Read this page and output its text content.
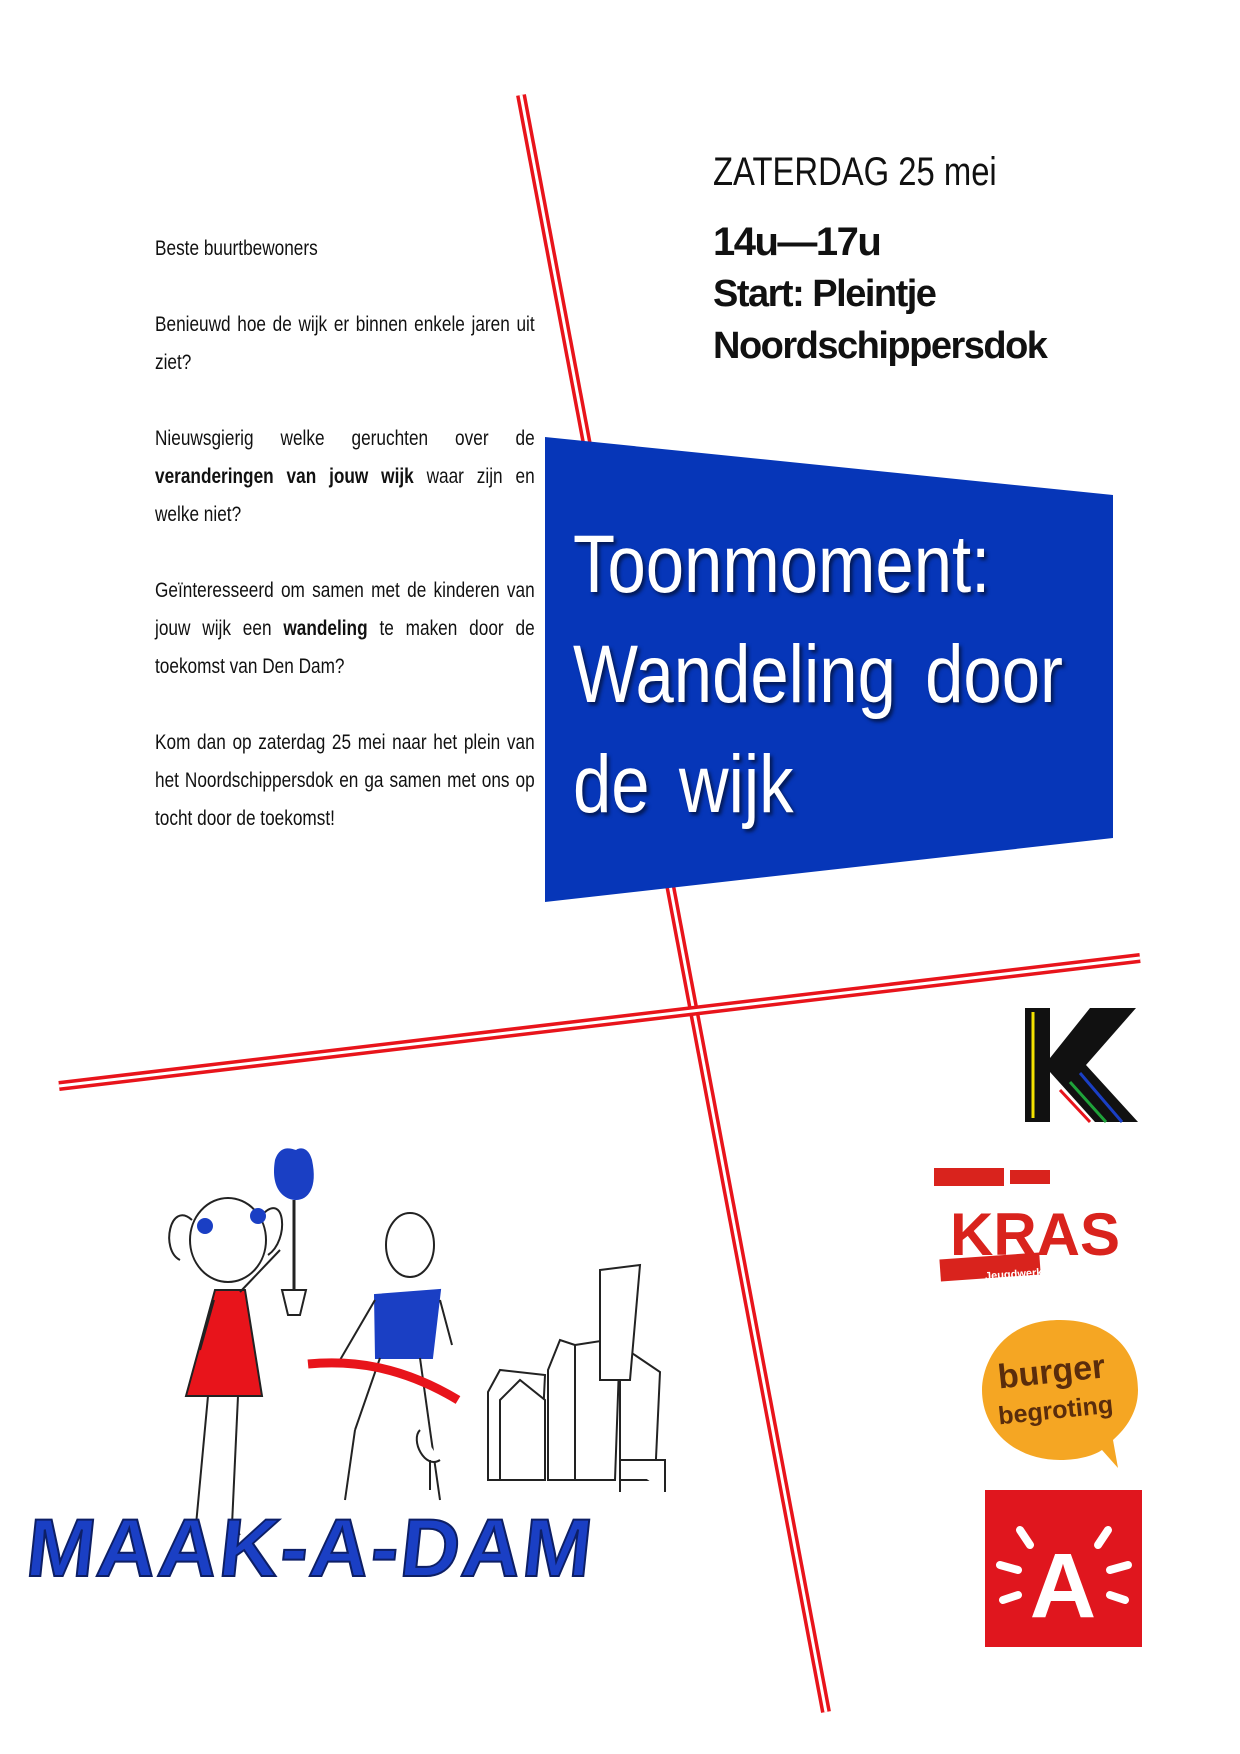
Toonmoment:
Wandeling door
de wijk
ZATERDAG 25 mei
14u—17u
Start: Pleintje
Noordschippersdok

Beste buurtbewoners

Benieuwd hoe de wijk er binnen enkele jaren uit ziet?

Nieuwsgierig welke geruchten over de veranderingen van jouw wijk waar zijn en welke niet?

Geïnteresseerd om samen met de kinderen van jouw wijk een wandeling te maken door de toekomst van Den Dam?

Kom dan op zaterdag 25 mei naar het plein van het Noordschippersdok en ga samen met ons op tocht door de toekomst!

MAAK-A-DAM
KRAS
Jeugdwerk!
burger
begroting
A
